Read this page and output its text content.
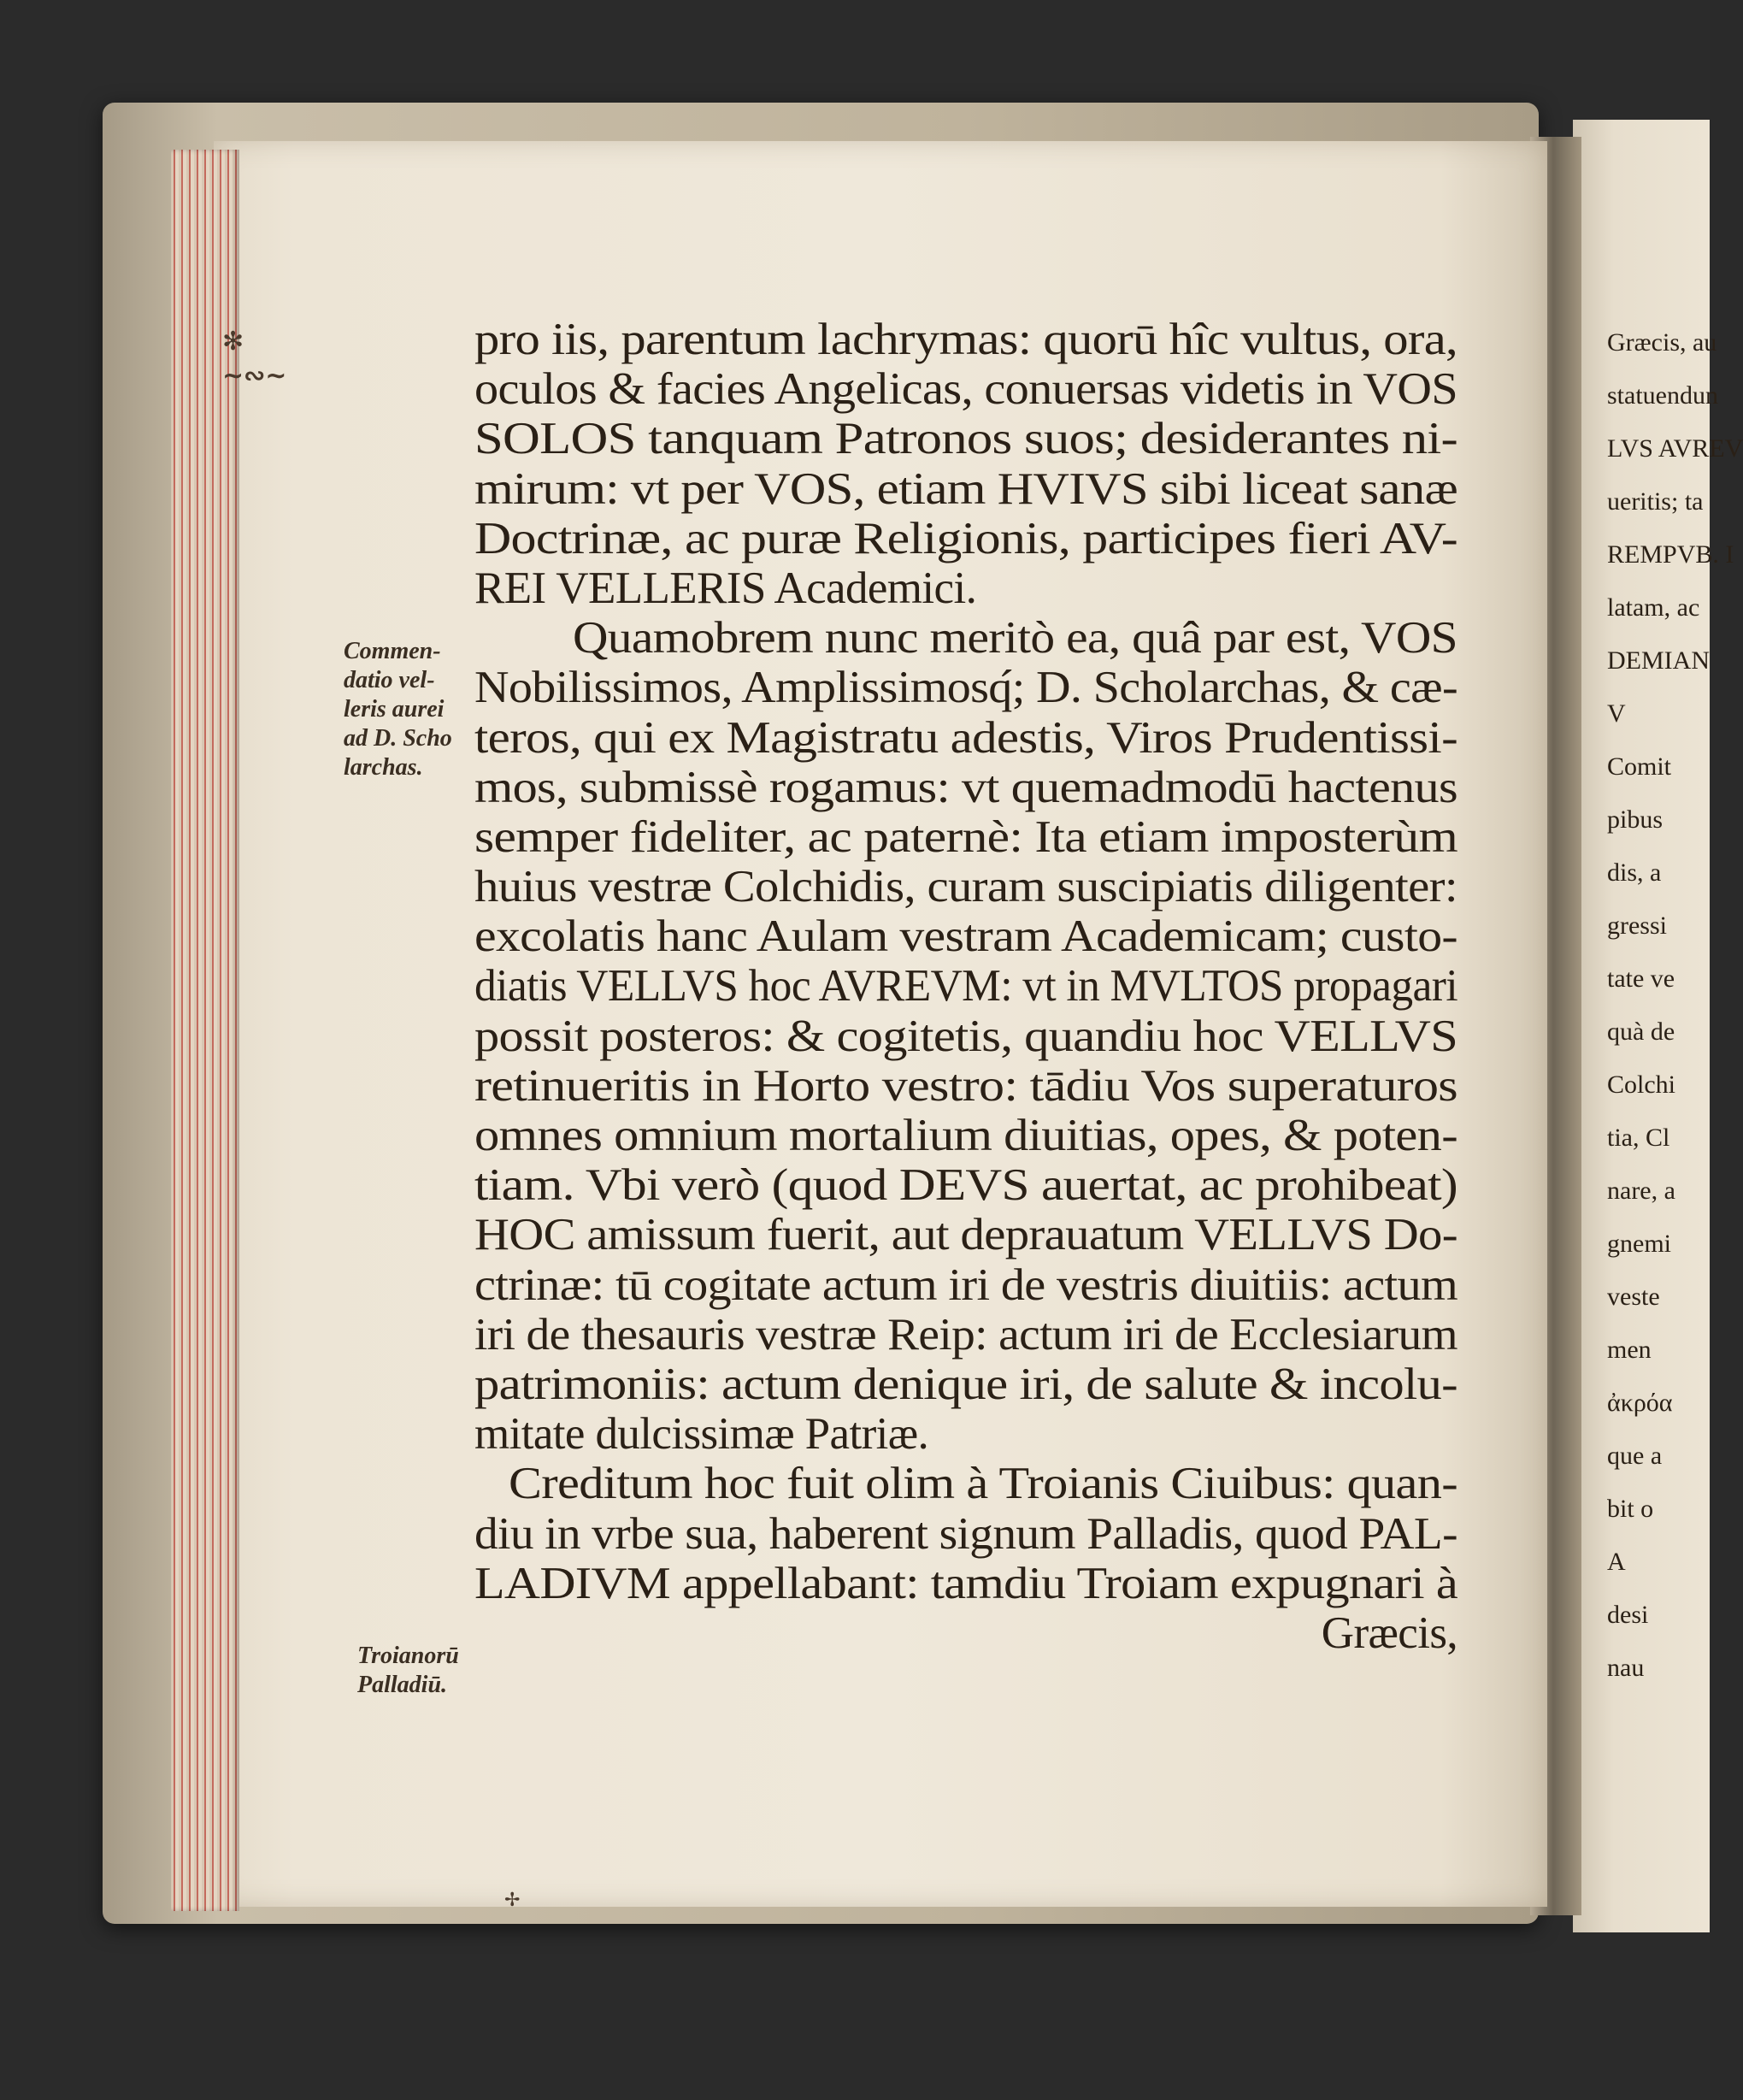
✻
∼∾∼
✢
pro iis, parentum lachrymas: quorū hîc vultus, ora,
oculos & facies Angelicas, conuersas videtis in VOS
SOLOS tanquam Patronos suos; desiderantes ni-
mirum: vt per VOS, etiam HVIVS sibi liceat sanæ
Doctrinæ, ac puræ Religionis, participes fieri AV-
REI VELLERIS Academici.
Quamobrem nunc meritò ea, quâ par est, VOS
Nobilissimos, Amplissimosq́; D. Scholarchas, & cæ-
teros, qui ex Magistratu adestis, Viros Prudentissi-
mos, submissè rogamus: vt quemadmodū hactenus
semper fideliter, ac paternè: Ita etiam imposterùm
huius vestræ Colchidis, curam suscipiatis diligenter:
excolatis hanc Aulam vestram Academicam; custo-
diatis VELLVS hoc AVREVM: vt in MVLTOS propagari
possit posteros: & cogitetis, quandiu hoc VELLVS
retinueritis in Horto vestro: tādiu Vos superaturos
omnes omnium mortalium diuitias, opes, & poten-
tiam. Vbi verò (quod DEVS auertat, ac prohibeat)
HOC amissum fuerit, aut deprauatum VELLVS Do-
ctrinæ: tū cogitate actum iri de vestris diuitiis: actum
iri de thesauris vestræ Reip: actum iri de Ecclesiarum
patrimoniis: actum denique iri, de salute & incolu-
mitate dulcissimæ Patriæ.
Creditum hoc fuit olim à Troianis Ciuibus: quan-
diu in vrbe sua, haberent signum Palladis, quod PAL-
LADIVM appellabant: tamdiu Troiam expugnari à
Græcis,
Commen-
datio vel-
leris aurei
ad D. Scho
larchas.
Troianorū
Palladiū.
Græcis, au
statuendun
LVS AVREV
ueritis; ta
REMPVB. I
latam, ac
DEMIAN
V
Comit
pibus
dis, a
gressi
tate ve
quà de
Colchi
tia, Cl
nare, a
gnemi
veste
men
ἀκρόα
que a
bit o
A
desi
nau
